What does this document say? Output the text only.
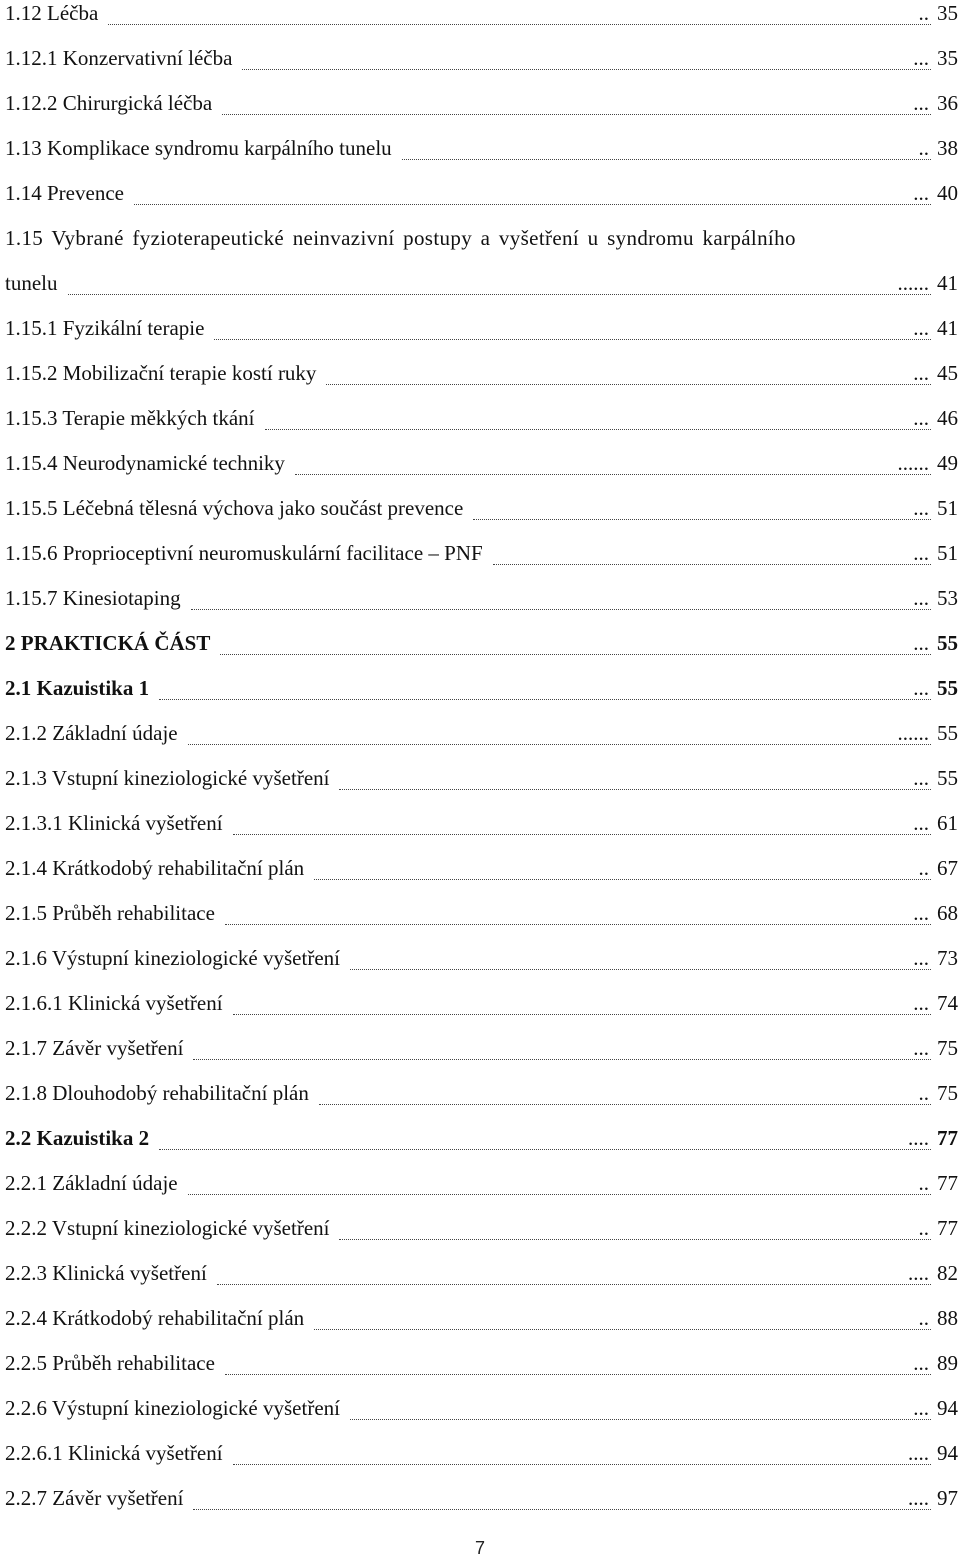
1.12 Léčba	.. 35
1.12.1 Konzervativní léčba	... 35
1.12.2 Chirurgická léčba	... 36
1.13 Komplikace syndromu karpálního tunelu	.. 38
1.14 Prevence	... 40
1.15 Vybrané fyzioterapeutické neinvazivní postupy a vyšetření u syndromu karpálního
tunelu	...... 41
1.15.1 Fyzikální terapie	... 41
1.15.2 Mobilizační terapie kostí ruky	... 45
1.15.3 Terapie měkkých tkání	... 46
1.15.4 Neurodynamické techniky	...... 49
1.15.5 Léčebná tělesná výchova jako součást prevence	... 51
1.15.6 Proprioceptivní neuromuskulární facilitace – PNF	... 51
1.15.7 Kinesiotaping	... 53
2 PRAKTICKÁ ČÁST	... 55
2.1 Kazuistika 1	... 55
2.1.2 Základní údaje	...... 55
2.1.3 Vstupní kineziologické vyšetření	... 55
2.1.3.1 Klinická vyšetření	... 61
2.1.4 Krátkodobý rehabilitační plán	.. 67
2.1.5 Průběh rehabilitace	... 68
2.1.6 Výstupní kineziologické vyšetření	... 73
2.1.6.1 Klinická vyšetření	... 74
2.1.7 Závěr vyšetření	... 75
2.1.8 Dlouhodobý rehabilitační plán	.. 75
2.2 Kazuistika 2	.... 77
2.2.1 Základní údaje	.. 77
2.2.2 Vstupní kineziologické vyšetření	.. 77
2.2.3 Klinická vyšetření	.... 82
2.2.4 Krátkodobý rehabilitační plán	.. 88
2.2.5 Průběh rehabilitace	... 89
2.2.6 Výstupní kineziologické vyšetření	... 94
2.2.6.1 Klinická vyšetření	.... 94
2.2.7 Závěr vyšetření	.... 97
7
